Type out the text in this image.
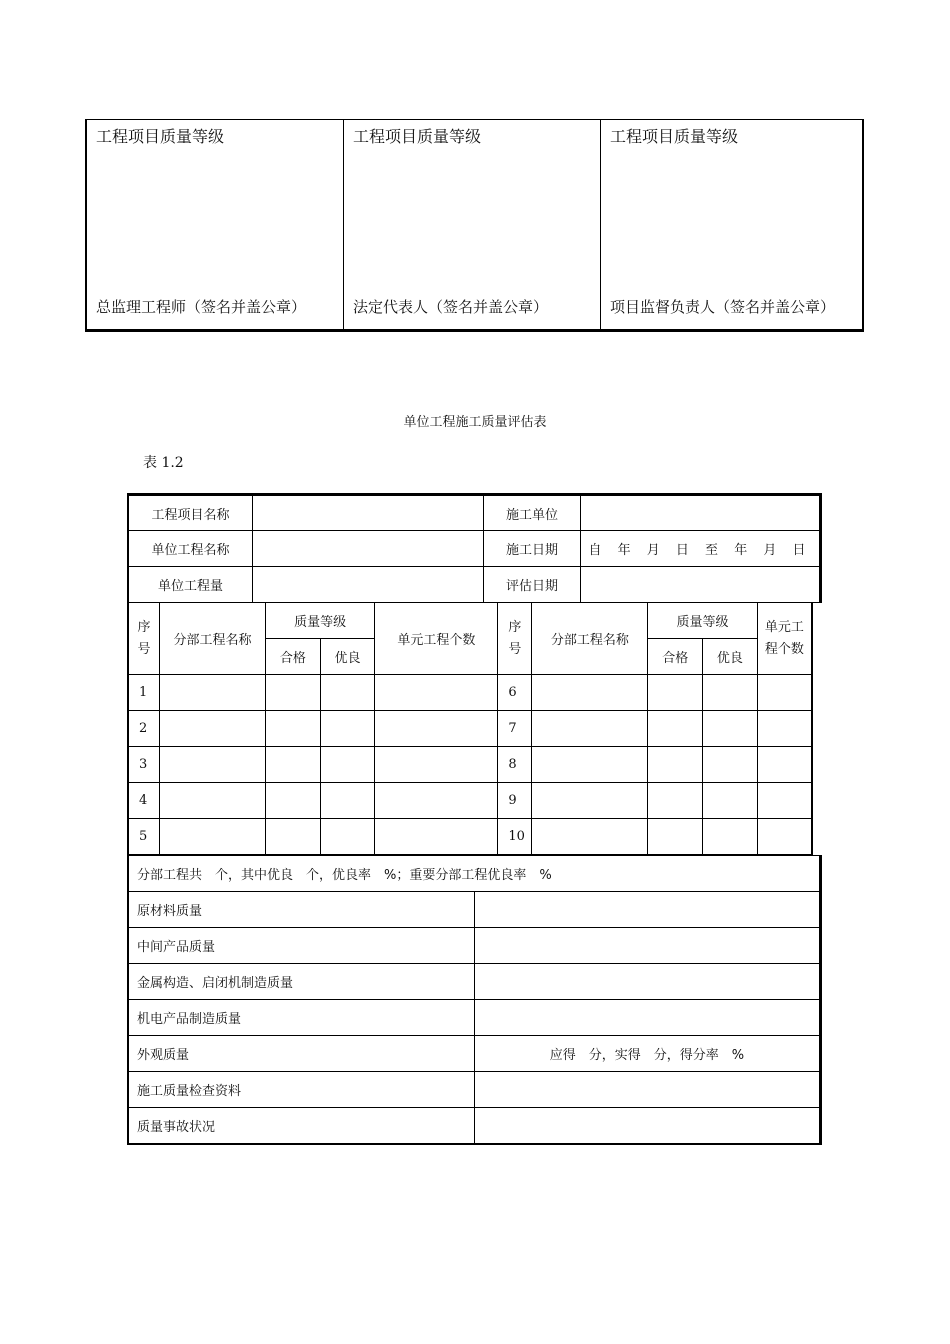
工程项目质量等级
总监理工程师（签名并盖公章）

工程项目质量等级
法定代表人（签名并盖公章）

工程项目质量等级
项目监督负责人（签名并盖公章）
单位工程施工质量评估表
表 1.2
工程项目名称		施工单位	
单位工程名称		施工日期	自 年 月 日 至 年 月 日
单位工程量		评估日期	
序
号	分部工程名称	质量等级		单元工程个数	序
号	分部工程名称	质量等级		单元工
程个数
		合格	优良				合格	优良	
1					6				
2					7				
3					8				
4					9				
5					10				
分部工程共　个，其中优良　个，优良率　%；重要分部工程优良率　%	
原材料质量	
中间产品质量	
金属构造、启闭机制造质量	
机电产品制造质量	
外观质量	应得　分，实得　分，得分率　%
施工质量检查资料	
质量事故状况	
